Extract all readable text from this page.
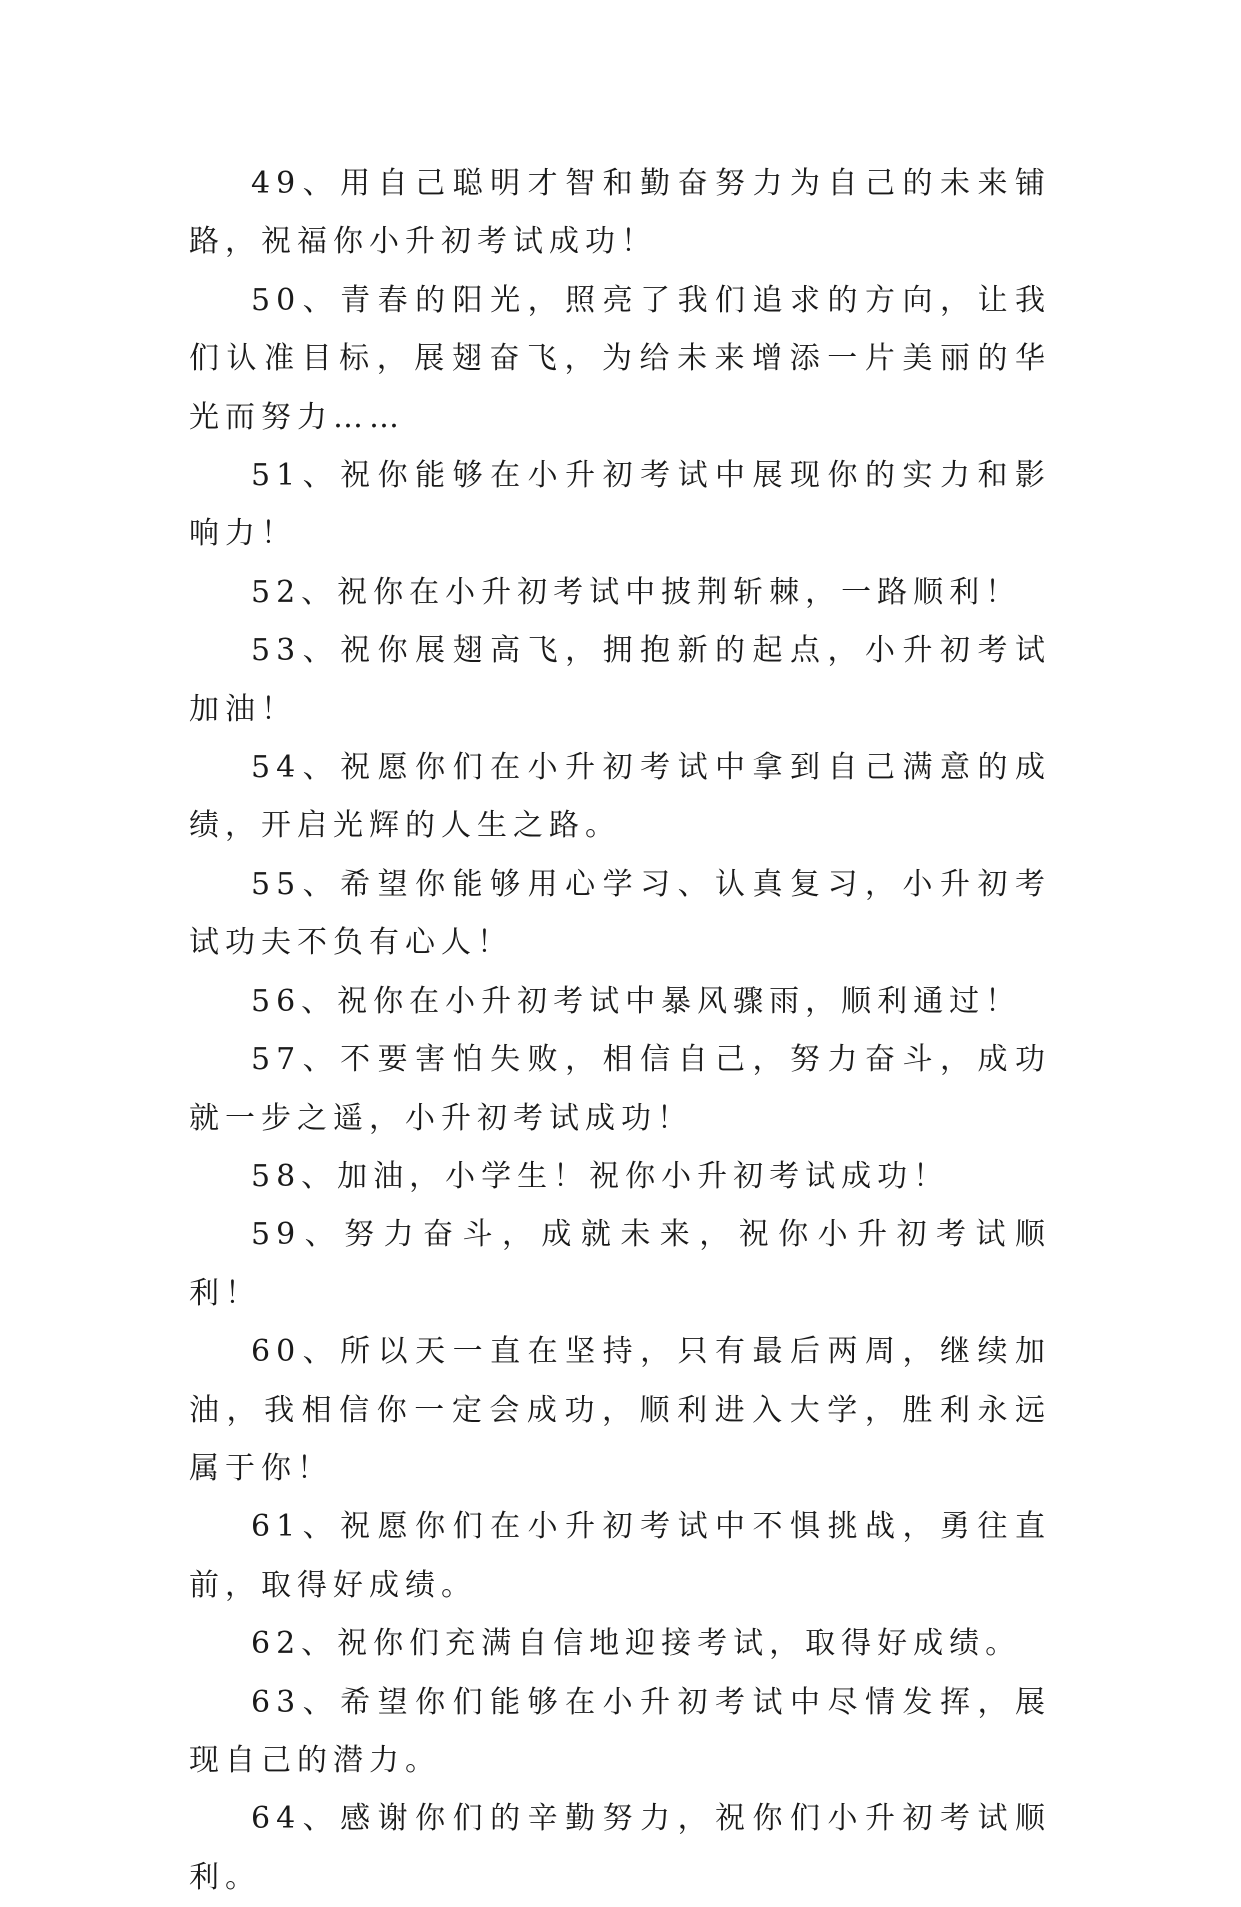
49、用自己聪明才智和勤奋努力为自己的未来铺路，祝福你小升初考试成功！

50、青春的阳光，照亮了我们追求的方向，让我们认准目标，展翅奋飞，为给未来增添一片美丽的华光而努力……

51、祝你能够在小升初考试中展现你的实力和影响力！

52、祝你在小升初考试中披荆斩棘，一路顺利！

53、祝你展翅高飞，拥抱新的起点，小升初考试加油！

54、祝愿你们在小升初考试中拿到自己满意的成绩，开启光辉的人生之路。

55、希望你能够用心学习、认真复习，小升初考试功夫不负有心人！

56、祝你在小升初考试中暴风骤雨，顺利通过！

57、不要害怕失败，相信自己，努力奋斗，成功就一步之遥，小升初考试成功！

58、加油，小学生！祝你小升初考试成功！

59、努力奋斗，成就未来，祝你小升初考试顺利！

60、所以天一直在坚持，只有最后两周，继续加油，我相信你一定会成功，顺利进入大学，胜利永远属于你！

61、祝愿你们在小升初考试中不惧挑战，勇往直前，取得好成绩。

62、祝你们充满自信地迎接考试，取得好成绩。

63、希望你们能够在小升初考试中尽情发挥，展现自己的潜力。

64、感谢你们的辛勤努力，祝你们小升初考试顺利。
